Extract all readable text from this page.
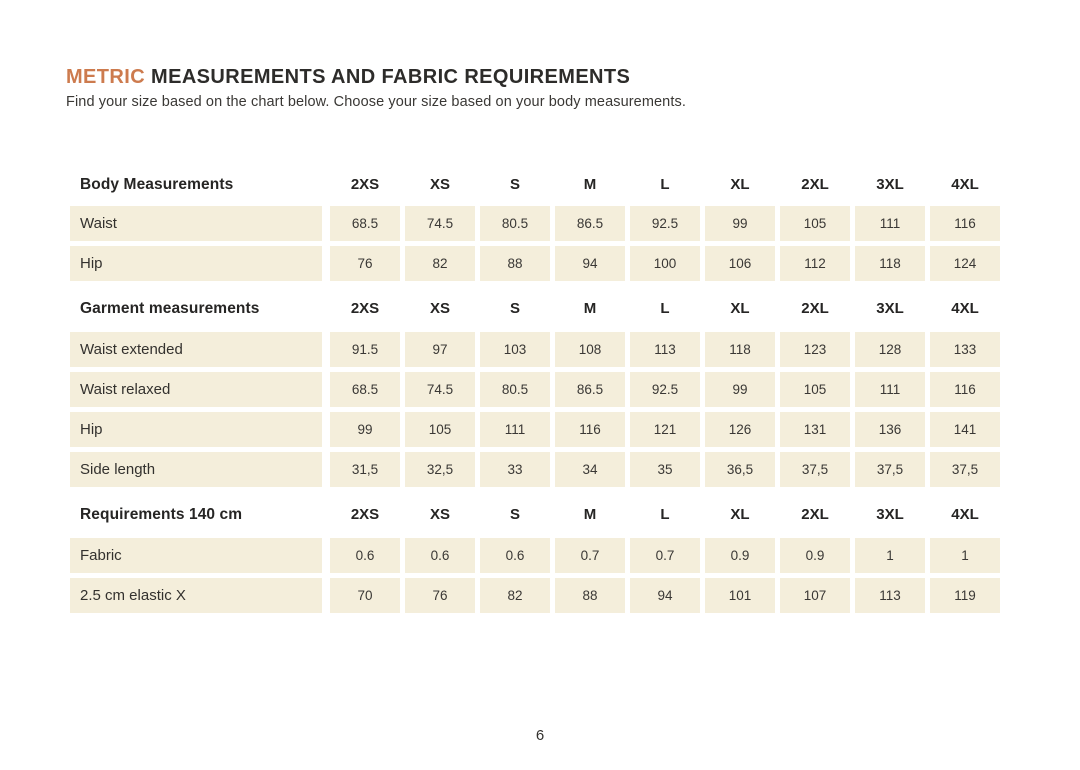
METRIC MEASUREMENTS AND FABRIC REQUIREMENTS

Find your size based on the chart below. Choose your size based on your body measurements.

Body Measurements	2XS	XS	S	M	L	XL	2XL	3XL	4XL
Waist	68.5	74.5	80.5	86.5	92.5	99	105	111	116
Hip	76	82	88	94	100	106	112	118	124
Garment measurements	2XS	XS	S	M	L	XL	2XL	3XL	4XL
Waist extended	91.5	97	103	108	113	118	123	128	133
Waist relaxed	68.5	74.5	80.5	86.5	92.5	99	105	111	116
Hip	99	105	111	116	121	126	131	136	141
Side length	31,5	32,5	33	34	35	36,5	37,5	37,5	37,5
Requirements 140 cm	2XS	XS	S	M	L	XL	2XL	3XL	4XL
Fabric	0.6	0.6	0.6	0.7	0.7	0.9	0.9	1	1
2.5 cm elastic X	70	76	82	88	94	101	107	113	119
6
